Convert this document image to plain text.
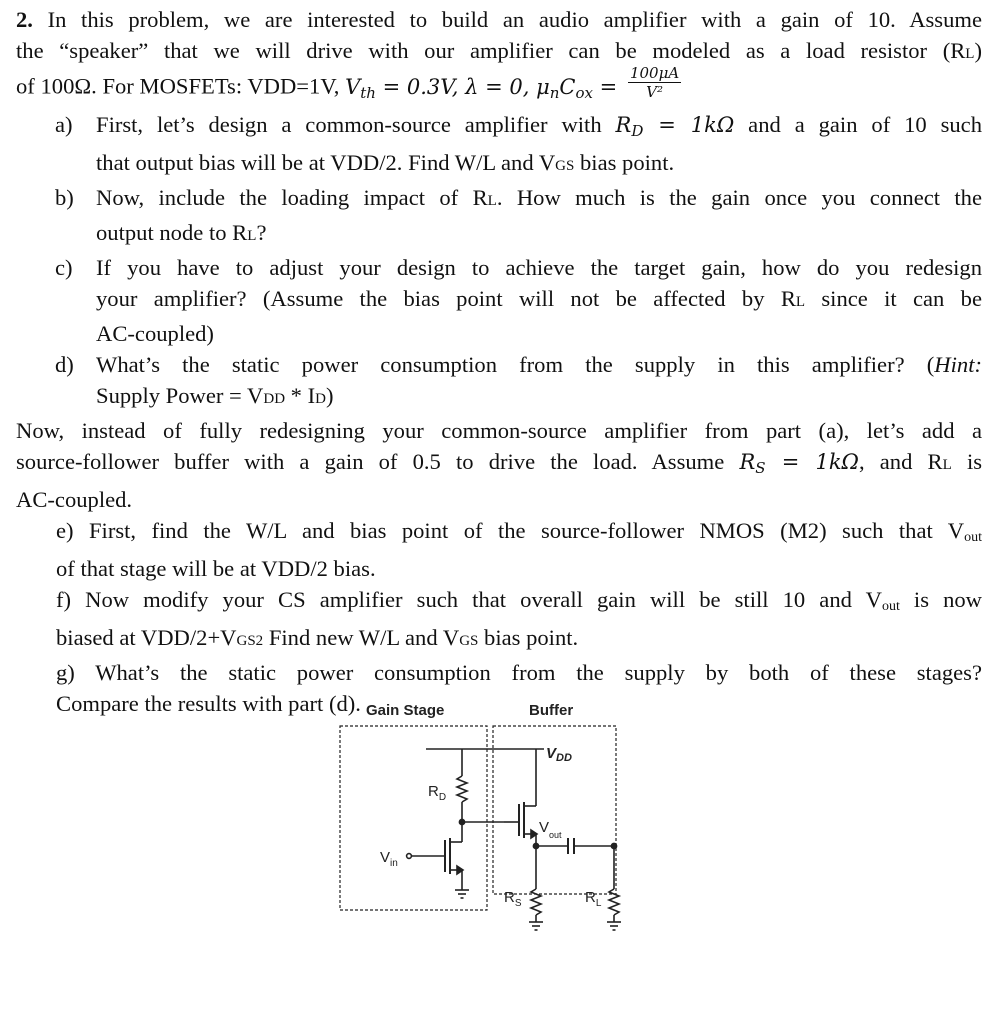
2. In this problem, we are interested to build an audio amplifier with a gain of 10. Assume
the “speaker” that we will drive with our amplifier can be modeled as a load resistor (RL)
of 100Ω. For MOSFETs: VDD=1V, Vth = 0.3V, λ = 0, μnCox = $\frac{100\mu A}{\text{V²}}$

a) First, let’s design a common-source amplifier with RD = 1kΩ and a gain of 10 such
that output bias will be at VDD/2. Find W/L and VGS bias point.
b) Now, include the loading impact of RL. How much is the gain once you connect the
output node to RL?
c) If you have to adjust your design to achieve the target gain, how do you redesign
your amplifier? (Assume the bias point will not be affected by RL since it can be
AC-coupled)
d) What’s the static power consumption from the supply in this amplifier? (Hint:
Supply Power = VDD * ID)
Now, instead of fully redesigning your common-source amplifier from part (a), let’s add a
source-follower buffer with a gain of 0.5 to drive the load. Assume RS = 1kΩ, and RL is
AC-coupled.
e) First, find the W/L and bias point of the source-follower NMOS (M2) such that $V_{out}$
of that stage will be at VDD/2 bias.
f) Now modify your CS amplifier such that overall gain will be still 10 and $V_{out}$ is now
biased at VDD/2+VGS2 Find new W/L and VGS bias point.
g) What’s the static power consumption from the supply by both of these stages?
Compare the results with part (d). Gain Stage	Buffer
$V_{DD}$
$R_D$
$V_{in}$
$V_{out}$
$R_S$	$R_L$
